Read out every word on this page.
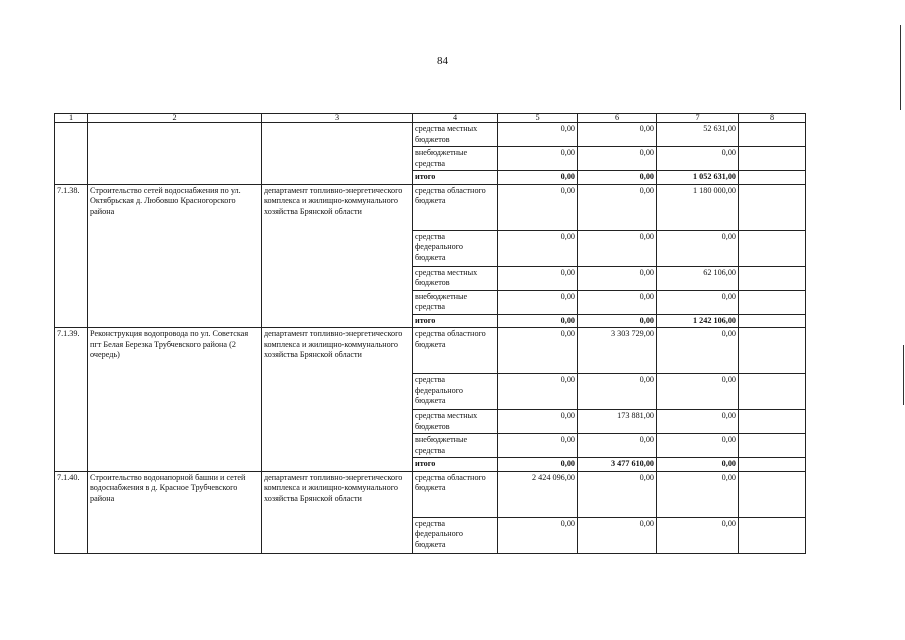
84
1	2	3	4	5	6	7	8
			средства местных бюджетов	0,00	0,00	52 631,00	
			внебюджетные средства	0,00	0,00	0,00	
			итого	0,00	0,00	1 052 631,00	
7.1.38.	Строительство сетей водоснабжения по ул. Октябрьская д. Любовшо Красногорского района	департамент топливно-энергетического комплекса и жилищно-коммунального хозяйства Брянской области	средства областного бюджета	0,00	0,00	1 180 000,00	
			средства федерального бюджета	0,00	0,00	0,00	
			средства местных бюджетов	0,00	0,00	62 106,00	
			внебюджетные средства	0,00	0,00	0,00	
			итого	0,00	0,00	1 242 106,00	
7.1.39.	Реконструкция водопровода по ул. Советская пгт Белая Березка Трубчевского района (2 очередь)	департамент топливно-энергетического комплекса и жилищно-коммунального хозяйства Брянской области	средства областного бюджета	0,00	3 303 729,00	0,00	
			средства федерального бюджета	0,00	0,00	0,00	
			средства местных бюджетов	0,00	173 881,00	0,00	
			внебюджетные средства	0,00	0,00	0,00	
			итого	0,00	3 477 610,00	0,00	
7.1.40.	Строительство водонапорной башни и сетей водоснабжения в д. Красное Трубчевского района	департамент топливно-энергетического комплекса и жилищно-коммунального хозяйства Брянской области	средства областного бюджета	2 424 096,00	0,00	0,00	
			средства федерального бюджета	0,00	0,00	0,00	
